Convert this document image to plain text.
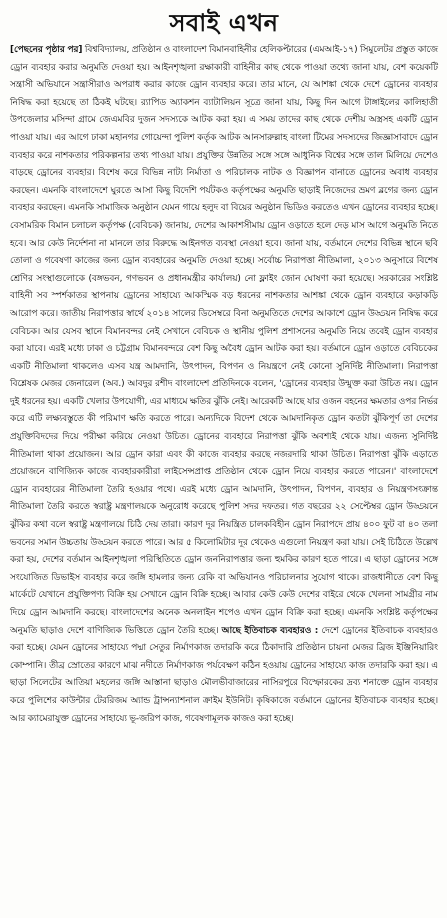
সবাই এখন

[পেছনের পৃষ্ঠার পর] বিশ্ববিদ্যালয়, প্রতিষ্ঠান ও বাংলাদেশ বিমানবাহিনীর হেলিকপ্টারের (এমআই-১৭) সিমুলেটর প্রস্তুত কাজে ড্রোন ব্যবহার করার অনুমতি দেওয়া হয়। আইনশৃঙ্খলা রক্ষাকারী বাহিনীর কাছ থেকে পাওয়া তথ্যে জানা যায়, বেশ কয়েকটি সন্ত্রাসী অভিযানে সন্ত্রাসীরাও অপরাধ করার কাজে ড্রোন ব্যবহার করে। তার মানে, যে আশঙ্কা থেকে দেশে ড্রোনের ব্যবহার নিষিদ্ধ করা হয়েছে তা ঠিকই ঘটছে। র‍্যাপিড অ্যাকশন ব্যাটালিয়ন সূত্রে জানা যায়, কিছু দিন আগে টাঙ্গাইলের কালিহাতী উপজেলার মসিন্দা গ্রামে জেএমবির দুজন সদস্যকে আটক করা হয়। এ সময় তাদের কাছ থেকে দেশীয় অস্ত্রসহ একটি ড্রোন পাওয়া যায়। এর আগে ঢাকা মহানগর গোয়েন্দা পুলিশ কর্তৃক আটক আনসারুল্লাহ বাংলা টিমের সদস্যদের জিজ্ঞাসাবাদে ড্রোন ব্যবহার করে নাশকতার পরিকল্পনার তথ্য পাওয়া যায়। প্রযুক্তির উন্নতির সঙ্গে সঙ্গে আধুনিক বিশ্বের সঙ্গে তাল মিলিয়ে দেশেও বাড়ছে ড্রোনের ব্যবহার। বিশেষ করে বিভিন্ন নাট্য নির্মাতা ও পরিচালক নাটক ও বিজ্ঞাপন বানাতে ড্রোনের অবাধ ব্যবহার করছেন। এমনকি বাংলাদেশে ঘুরতে আসা কিছু বিদেশি পর্যটকও কর্তৃপক্ষের অনুমতি ছাড়াই নিজেদের ভ্রমণ ব্লগের জন্য ড্রোন ব্যবহার করছেন। এমনকি সামাজিক অনুষ্ঠান যেমন গায়ে হলুদ বা বিয়ের অনুষ্ঠান ভিডিও করতেও এখন ড্রোনের ব্যবহার হচ্ছে। বেসামরিক বিমান চলাচল কর্তৃপক্ষ (বেবিচক) জানায়, দেশের আকাশসীমায় ড্রোন ওড়াতে হলে দেড় মাস আগে অনুমতি নিতে হবে। আর কেউ নির্দেশনা না মানলে তার বিরুদ্ধে আইনগত ব্যবস্থা নেওয়া হবে। জানা যায়, বর্তমানে দেশের বিভিন্ন স্থানে ছবি তোলা ও গবেষণা কাজের জন্য ড্রোন ব্যবহারের অনুমতি দেওয়া হচ্ছে। সর্বোচ্চ নিরাপত্তা নীতিমালা, ২০১৩ অনুসারে বিশেষ শ্রেণির সংস্থাগুলোকে (বঙ্গভবন, গণভবন ও প্রধানমন্ত্রীর কার্যালয়) নো ফ্লাইং জোন ঘোষণা করা হয়েছে। সরকারের সংশ্লিষ্ট বাহিনী সব স্পর্শকাতর স্থাপনায় ড্রোনের সাহায্যে আকস্মিক বড় ধরনের নাশকতার আশঙ্কা থেকে ড্রোন ব্যবহারে কড়াকড়ি আরোপ করে। জাতীয় নিরাপত্তার স্বার্থে ২০১৪ সালের ডিসেম্বরে বিনা অনুমতিতে দেশের আকাশে ড্রোন উড্ডয়ন নিষিদ্ধ করে বেবিচক। আর যেসব স্থানে বিমানবন্দর নেই সেখানে বেবিচক ও স্থানীয় পুলিশ প্রশাসনের অনুমতি নিয়ে তবেই ড্রোন ব্যবহার করা যাবে। এরই মধ্যে ঢাকা ও চট্টগ্রাম বিমানবন্দরে বেশ কিছু অবৈধ ড্রোন আটক করা হয়। বর্তমানে ড্রোন ওড়াতে বেবিচকের একটি নীতিমালা থাকলেও এসব যন্ত্র আমদানি, উৎপাদন, বিপণন ও নিয়ন্ত্রণে নেই কোনো সুনির্দিষ্ট নীতিমালা। নিরাপত্তা বিশ্লেষক মেজর জেনারেল (অব.) আবদুর রশীদ বাংলাদেশ প্রতিদিনকে বলেন, 'ড্রোনের ব্যবহার উন্মুক্ত করা উচিত নয়। ড্রোন দুই ধরনের হয়। একটি খেলার উপযোগী, এর মাধ্যমে ক্ষতির ঝুঁকি নেই। আরেকটি আছে যার ওজন বহনের ক্ষমতার ওপর নির্ভর করে এটি লক্ষ্যবস্তুতে কী পরিমাণ ক্ষতি করতে পারে। অন্যদিকে বিদেশ থেকে আমদানিকৃত ড্রোন কতটা ঝুঁকিপূর্ণ তা দেশের প্রযুক্তিবিদদের দিয়ে পরীক্ষা করিয়ে নেওয়া উচিত। ড্রোনের ব্যবহারে নিরাপত্তা ঝুঁকি অবশ্যই থেকে যায়। এজন্য সুনির্দিষ্ট নীতিমালা থাকা প্রয়োজন। আর ড্রোন কারা এবং কী কাজে ব্যবহার করছে নজরদারি থাকা উচিত। নিরাপত্তা ঝুঁকি এড়াতে প্রয়োজনে বাণিজ্যিক কাজে ব্যবহারকারীরা লাইসেন্সপ্রাপ্ত প্রতিষ্ঠান থেকে ড্রোন নিয়ে ব্যবহার করতে পারেন।' বাংলাদেশে ড্রোন ব্যবহারের নীতিমালা তৈরি হওয়ার পথে। এরই মধ্যে ড্রোন আমদানি, উৎপাদন, বিপণন, ব্যবহার ও নিয়ন্ত্রণসংক্রান্ত নীতিমালা তৈরি করতে স্বরাষ্ট্র মন্ত্রণালয়কে অনুরোধ করেছে পুলিশ সদর দফতর। গত বছরের ২২ সেপ্টেম্বর ড্রোন উড্ডয়নে ঝুঁকির কথা বলে স্বরাষ্ট্র মন্ত্রণালয়ে চিঠি দেয় তারা। কারণ দূর নিয়ন্ত্রিত চালকবিহীন ড্রোন নিরাপদে প্রায় ৪০০ ফুট বা ৪০ তলা ভবনের সমান উচ্চতায় উড্ডয়ন করতে পারে। আর ৫ কিলোমিটার দূর থেকেও এগুলো নিয়ন্ত্রণ করা যায়। সেই চিঠিতে উল্লেখ করা হয়, দেশের বর্তমান আইনশৃঙ্খলা পরিস্থিতিতে ড্রোন জননিরাপত্তার জন্য হুমকির কারণ হতে পারে। এ ছাড়া ড্রোনের সঙ্গে সংযোজিত ডিভাইস ব্যবহার করে জঙ্গি হামলার জন্য রেকি বা অভিযানও পরিচালনার সুযোগ থাকে। রাজধানীতে বেশ কিছু মার্কেটে যেখানে প্রযুক্তিপণ্য বিক্রি হয় সেখানে ড্রোন বিক্রি হচ্ছে। আবার কেউ কেউ দেশের বাইরে থেকে খেলনা সামগ্রীর নাম দিয়ে ড্রোন আমদানি করছে। বাংলাদেশের অনেক অনলাইন শপেও এখন ড্রোন বিক্রি করা হচ্ছে। এমনকি সংশ্লিষ্ট কর্তৃপক্ষের অনুমতি ছাড়াও দেশে বাণিজ্যিক ভিত্তিতে ড্রোন তৈরি হচ্ছে। আছে ইতিবাচক ব্যবহারও : দেশে ড্রোনের ইতিবাচক ব্যবহারও করা হচ্ছে। যেমন ড্রোনের সাহায্যে পদ্মা সেতুর নির্মাণকাজ তদারকি করে ঠিকাদারি প্রতিষ্ঠান চায়না মেজর ব্রিজ ইঞ্জিনিয়ারিং কোম্পানি। তীব্র স্রোতের কারণে মাঝ নদীতে নির্মাণকাজ পর্যবেক্ষণ কঠিন হওয়ায় ড্রোনের সাহায্যে কাজ তদারকি করা হয়। এ ছাড়া সিলেটের আতিয়া মহলের জঙ্গি আস্তানা ছাড়াও মৌলভীবাজারের নাসিরপুরে বিস্ফোরকের দ্রব্য শনাক্তে ড্রোন ব্যবহার করে পুলিশের কাউন্টার টেররিজম অ্যান্ড ট্রান্সন্যাশনাল ক্রাইম ইউনিট। কৃষিকাজে বর্তমানে ড্রোনের ইতিবাচক ব্যবহার হচ্ছে। আর ক্যামেরাযুক্ত ড্রোনের সাহায্যে ভূ-জরিপ কাজ, গবেষণামূলক কাজও করা হচ্ছে।
